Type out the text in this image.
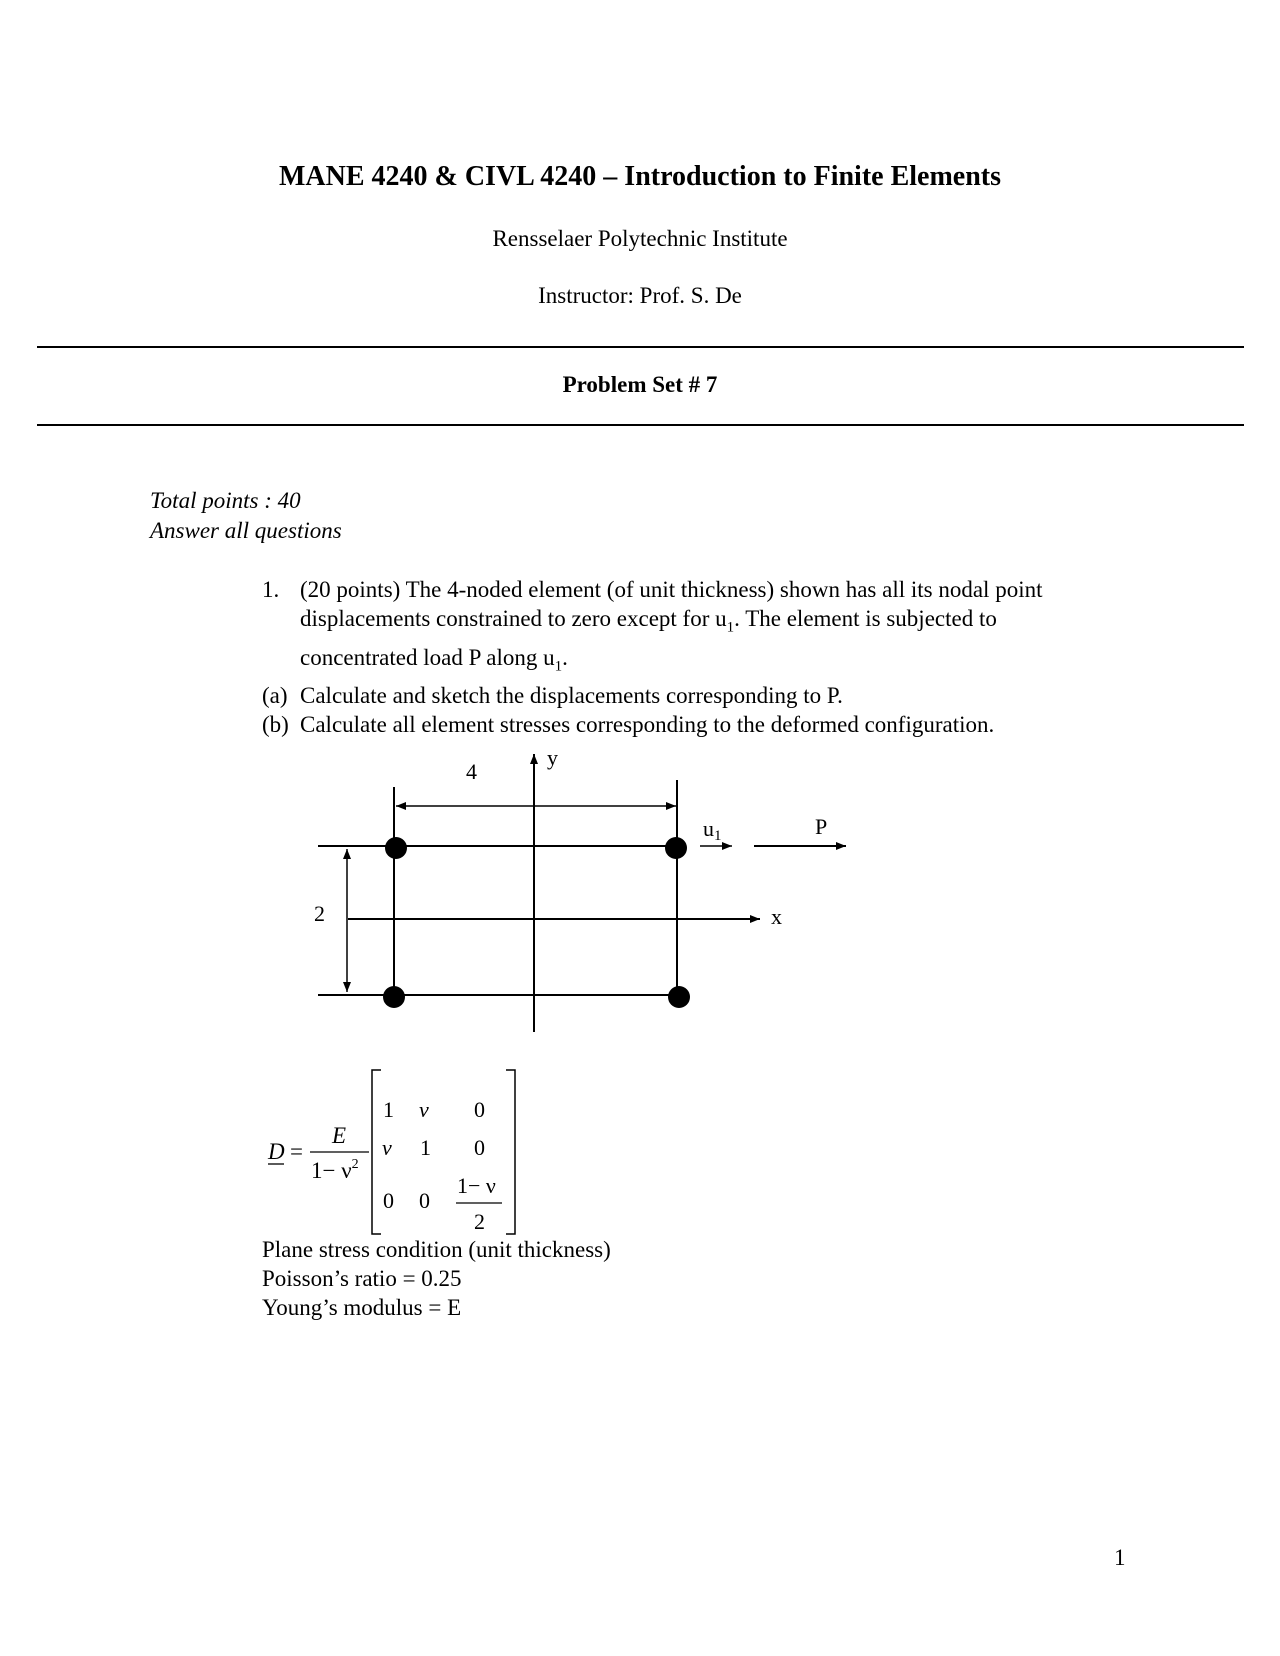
MANE 4240 & CIVL 4240 – Introduction to Finite Elements
Rensselaer Polytechnic Institute
Instructor: Prof. S. De
Problem Set # 7
Total points : 40
Answer all questions
1. (20 points) The 4-noded element (of unit thickness) shown has all its nodal point
displacements constrained to zero except for $u_1$. The element is subjected to
concentrated load P along $u_1$.
(a) Calculate and sketch the displacements corresponding to P.
(b) Calculate all element stresses corresponding to the deformed configuration.
4
2
y
x
u1	P
D =
E
$1- \nu^2$
1 ν 0
ν 1 0
0 0
1− ν
2
Plane stress condition (unit thickness)
Poisson’s ratio = 0.25
Young’s modulus = E
1
